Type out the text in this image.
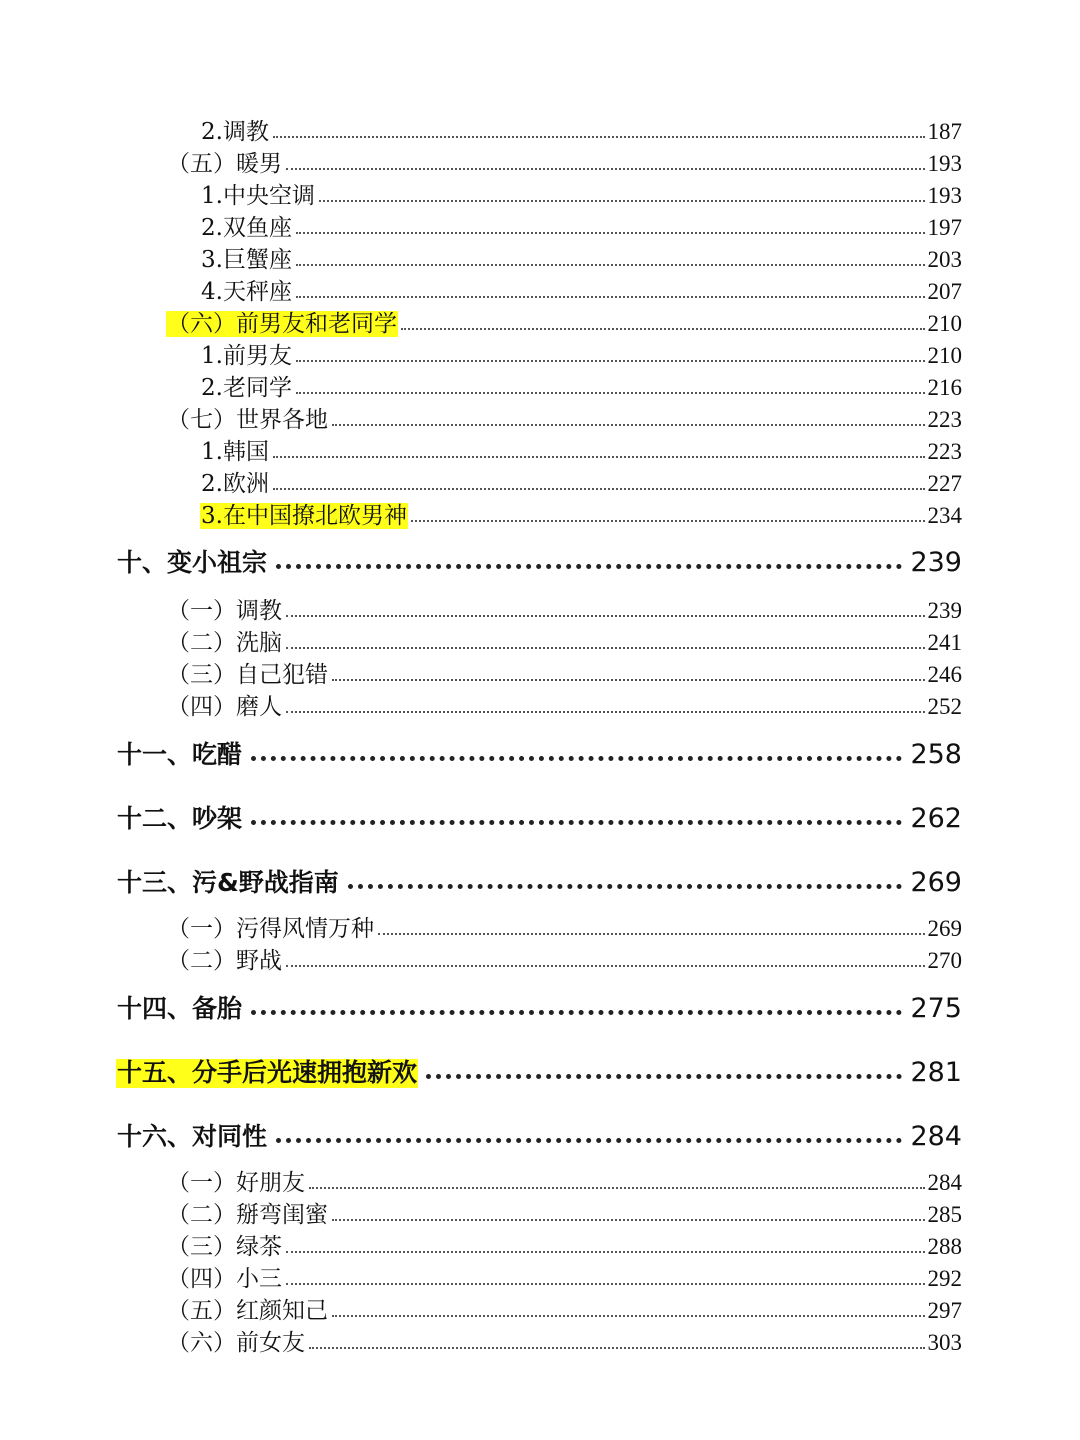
2.调教	187
（五）暖男	193
1.中央空调	193
2.双鱼座	197
3.巨蟹座	203
4.天秤座	207
（六）前男友和老同学	210
1.前男友	210
2.老同学	216
（七）世界各地	223
1.韩国	223
2.欧洲	227
3.在中国撩北欧男神	234
十、变小祖宗	239
（一）调教	239
（二）洗脑	241
（三）自己犯错	246
（四）磨人	252
十一、吃醋	258
十二、吵架	262
十三、污&野战指南	269
（一）污得风情万种	269
（二）野战	270
十四、备胎	275
十五、分手后光速拥抱新欢	281
十六、对同性	284
（一）好朋友	284
（二）掰弯闺蜜	285
（三）绿茶	288
（四）小三	292
（五）红颜知己	297
（六）前女友	303
